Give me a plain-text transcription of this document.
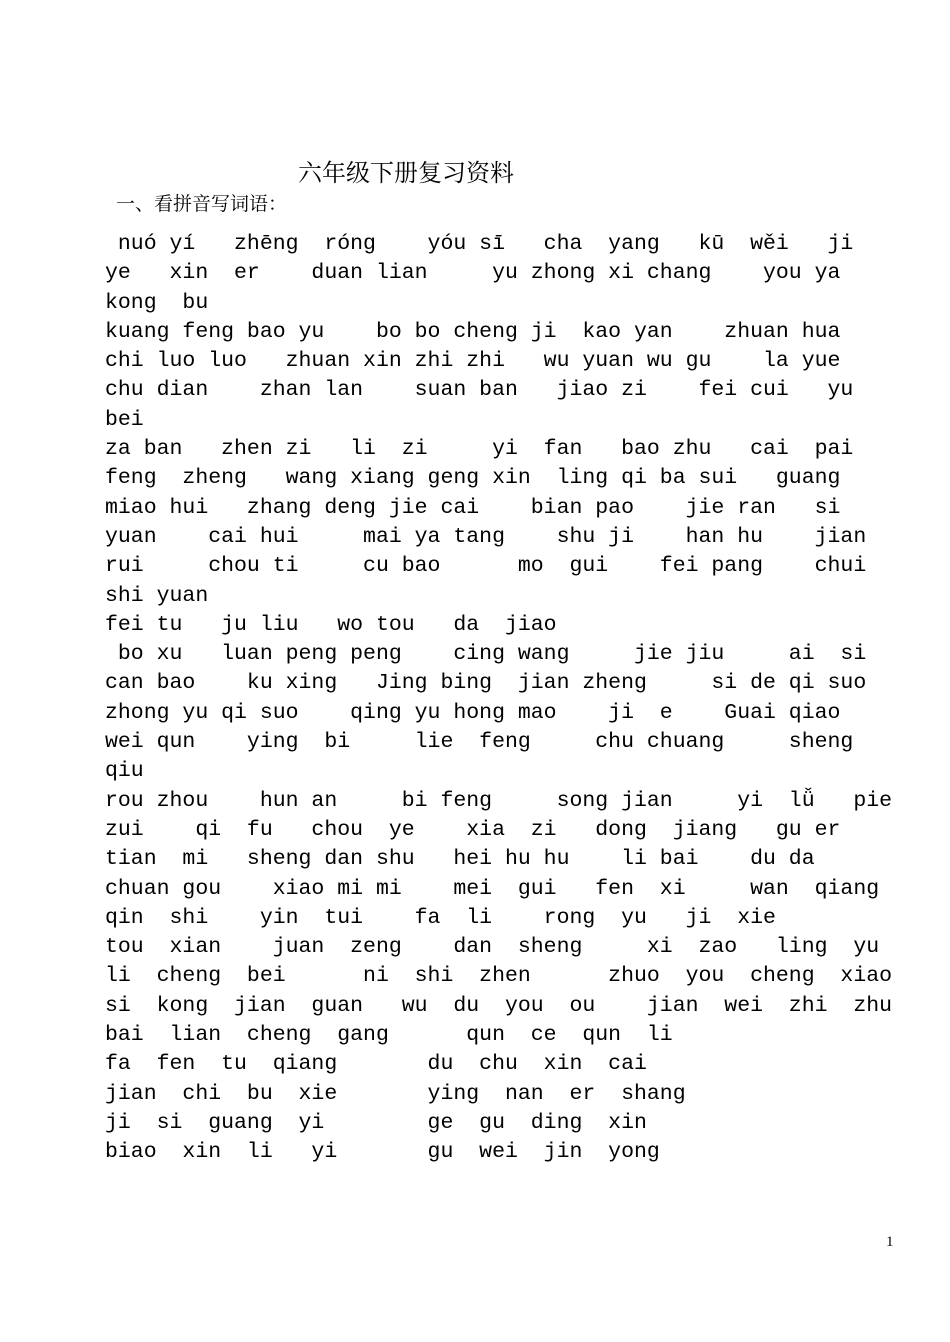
六年级下册复习资料
一、看拼音写词语：
nuó yí   zhēng  róng    yóu sī   cha  yang   kū  wěi   ji
ye   xin  er    duan lian     yu zhong xi chang    you ya
kong  bu
kuang feng bao yu    bo bo cheng ji  kao yan    zhuan hua
chi luo luo   zhuan xin zhi zhi   wu yuan wu gu    la yue
chu dian    zhan lan    suan ban   jiao zi    fei cui   yu
bei
za ban   zhen zi   li  zi     yi  fan   bao zhu   cai  pai
feng  zheng   wang xiang geng xin  ling qi ba sui   guang
miao hui   zhang deng jie cai    bian pao    jie ran   si
yuan    cai hui     mai ya tang    shu ji    han hu    jian
rui     chou ti     cu bao      mo  gui    fei pang    chui
shi yuan
fei tu   ju liu   wo tou   da  jiao
bo xu   luan peng peng    cing wang     jie jiu     ai  si
can bao    ku xing   Jing bing  jian zheng     si de qi suo
zhong yu qi suo    qing yu hong mao    ji  e    Guai qiao
wei qun    ying  bi     lie  feng     chu chuang     sheng
qiu
rou zhou    hun an     bi feng     song jian     yi  lǚ   pie
zui    qi  fu   chou  ye    xia  zi   dong  jiang   gu er
tian  mi   sheng dan shu   hei hu hu    li bai    du da
chuan gou    xiao mi mi    mei  gui   fen  xi     wan  qiang
qin  shi    yin  tui    fa  li    rong  yu   ji  xie
tou  xian    juan  zeng    dan  sheng     xi  zao   ling  yu
li  cheng  bei      ni  shi  zhen      zhuo  you  cheng  xiao
si  kong  jian  guan   wu  du  you  ou    jian  wei  zhi  zhu
bai  lian  cheng  gang      qun  ce  qun  li
fa  fen  tu  qiang       du  chu  xin  cai
jian  chi  bu  xie       ying  nan  er  shang
ji  si  guang  yi        ge  gu  ding  xin
biao  xin  li   yi       gu  wei  jin  yong
1
